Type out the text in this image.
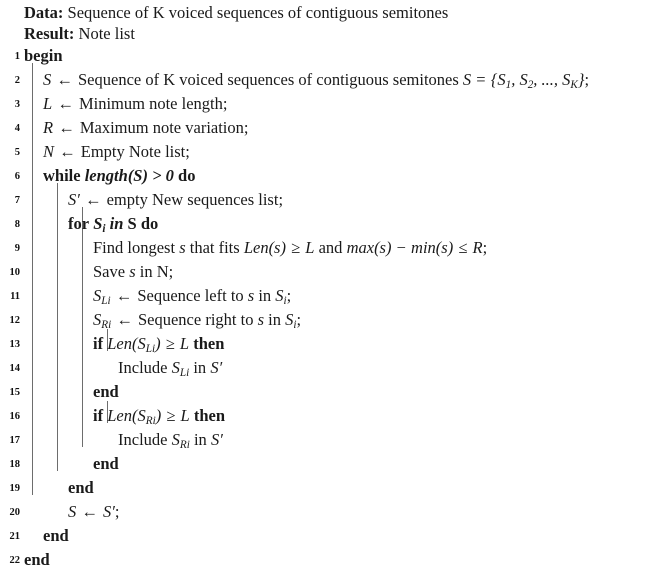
Data: Sequence of K voiced sequences of contiguous semitones
Result: Note list
1 begin
2 S ← Sequence of K voiced sequences of contiguous semitones $S = \{S_1$, $S_2$, ..., $S_K$};
3 L ← Minimum note length;
4 R ← Maximum note variation;
5 N ← Empty Note list;
6 while length(S) > 0 do
7	S′ ← empty New sequences list;
8	for $S_i$ in S do
9	Find longest s that fits Len(s) ≥ L and max(s) − min(s) ≤ R;
10	Save s in N;
11	$S_{Li}$ ← Sequence left to s in $S_i$;
12	$S_{Ri}$ ← Sequence right to s in $S_i$;
13	if $Len(S_{Li}) \ge L$ then
14	Include $S_{Li}$ in S′
15	end
16	if $Len(S_{Ri}) \ge L$ then
17	Include $S_{Ri}$ in S′
18	end
19	end
20	S ← S′;
21 end
22 end
